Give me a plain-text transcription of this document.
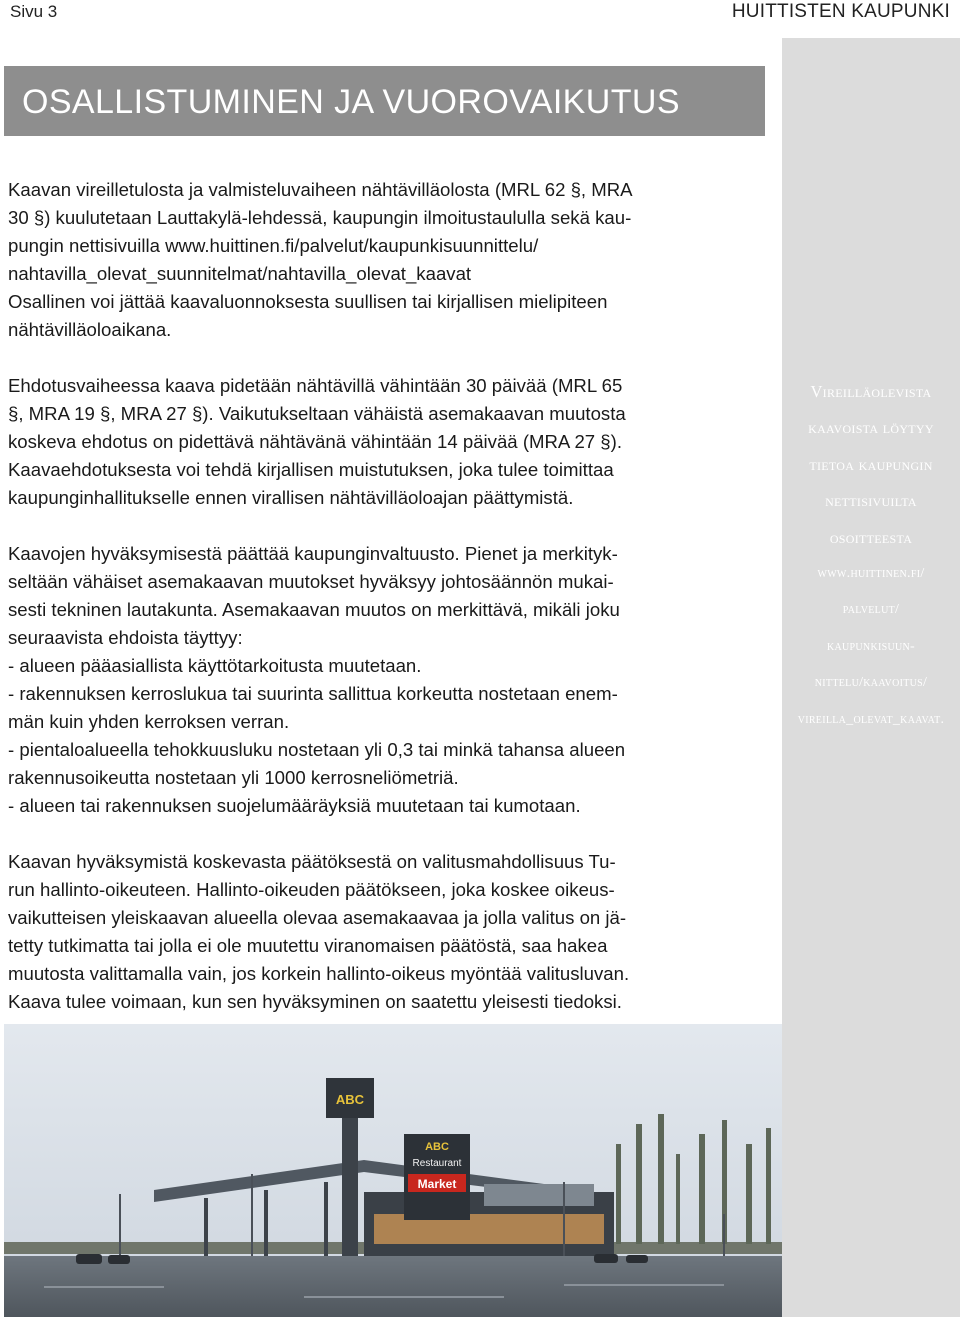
Sivu 3	HUITTISTEN KAUPUNKI
Vireilläolevista
kaavoista löytyy
tietoa kaupungin
nettisivuilta
osoitteesta
www.huittinen.fi/
palvelut/
kaupunkisuun-
nittelu/kaavoitus/
vireilla_olevat_kaavat.
OSALLISTUMINEN JA VUOROVAIKUTUS
Kaavan vireilletulosta ja valmisteluvaiheen nähtävilläolosta (MRL 62 §, MRA
30 §) kuulutetaan Lauttakylä-lehdessä, kaupungin ilmoitustaululla sekä kau-
pungin nettisivuilla www.huittinen.fi/palvelut/kaupunkisuunnittelu/
nahtavilla_olevat_suunnitelmat/nahtavilla_olevat_kaavat
Osallinen voi jättää kaavaluonnoksesta suullisen tai kirjallisen mielipiteen
nähtävilläoloaikana.
Ehdotusvaiheessa kaava pidetään nähtävillä vähintään 30 päivää (MRL 65
§, MRA 19 §, MRA 27 §). Vaikutukseltaan vähäistä asemakaavan muutosta
koskeva ehdotus on pidettävä nähtävänä vähintään 14 päivää (MRA 27 §).
Kaavaehdotuksesta voi tehdä kirjallisen muistutuksen, joka tulee toimittaa
kaupunginhallitukselle ennen virallisen nähtävilläoloajan päättymistä.
Kaavojen hyväksymisestä päättää kaupunginvaltuusto. Pienet ja merkityk-
seltään vähäiset asemakaavan muutokset hyväksyy johtosäännön mukai-
sesti tekninen lautakunta. Asemakaavan muutos on merkittävä, mikäli joku
seuraavista ehdoista täyttyy:
- alueen pääasiallista käyttötarkoitusta muutetaan.
- rakennuksen kerroslukua tai suurinta sallittua korkeutta nostetaan enem-
män kuin yhden kerroksen verran.
- pientaloalueella tehokkuusluku nostetaan yli 0,3 tai minkä tahansa alueen
rakennusoikeutta nostetaan yli 1000 kerrosneliömetriä.
- alueen tai rakennuksen suojelumääräyksiä muutetaan tai kumotaan.
Kaavan hyväksymistä koskevasta päätöksestä on valitusmahdollisuus Tu-
run hallinto-oikeuteen. Hallinto-oikeuden päätökseen, joka koskee oikeus-
vaikutteisen yleiskaavan alueella olevaa asemakaavaa ja jolla valitus on jä-
tetty tutkimatta tai jolla ei ole muutettu viranomaisen päätöstä, saa hakea
muutosta valittamalla vain, jos korkein hallinto-oikeus myöntää valitusluvan.
Kaava tulee voimaan, kun sen hyväksyminen on saatettu yleisesti tiedoksi.
ABC
ABC
Restaurant
Market
